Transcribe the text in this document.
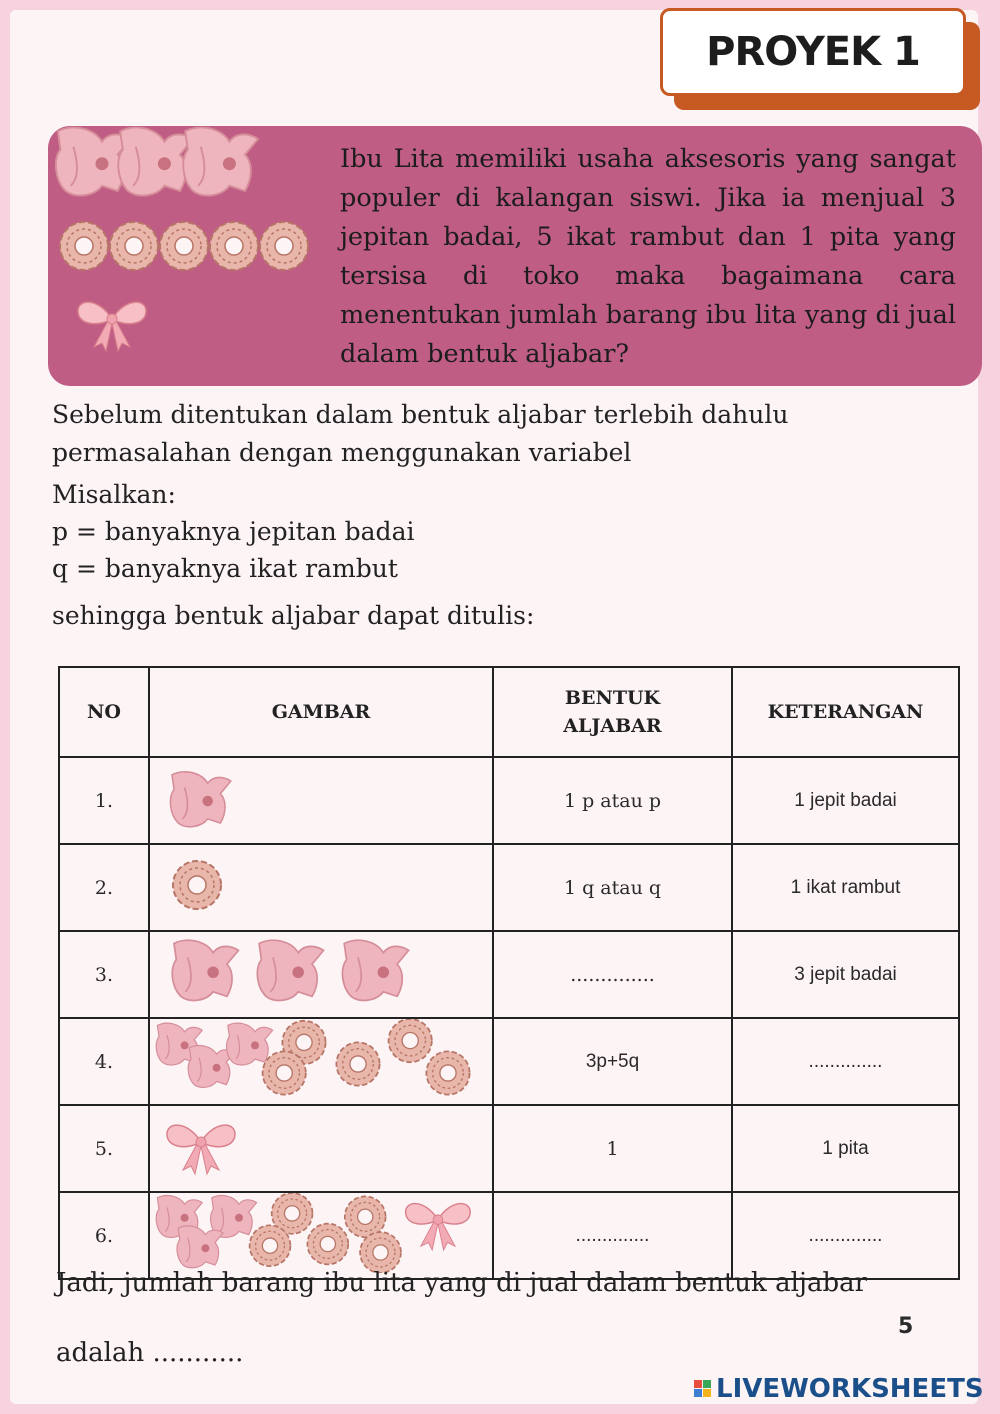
PROYEK 1
Ibu Lita memiliki usaha aksesoris yang sangat populer di kalangan siswi. Jika ia menjual 3 jepitan badai, 5 ikat rambut dan 1 pita yang tersisa di toko maka bagaimana cara menentukan jumlah barang ibu lita yang di jual dalam bentuk aljabar?
Sebelum ditentukan dalam bentuk aljabar terlebih dahulu
permasalahan dengan menggunakan variabel
Misalkan:
p = banyaknya jepitan badai
q = banyaknya ikat rambut
sehingga bentuk aljabar dapat ditulis:
NO	GAMBAR	BENTUK ALJABAR	KETERANGAN
1.		1 p atau p	1 jepit badai
2.		1 q atau q	1 ikat rambut
3.		..............	3 jepit badai
4.		3p+5q	..............
5.		1	1 pita
6.		..............	..............
Jadi, jumlah barang ibu lita yang di jual dalam bentuk aljabar
adalah ...........
5
LIVEWORKSHEETS
